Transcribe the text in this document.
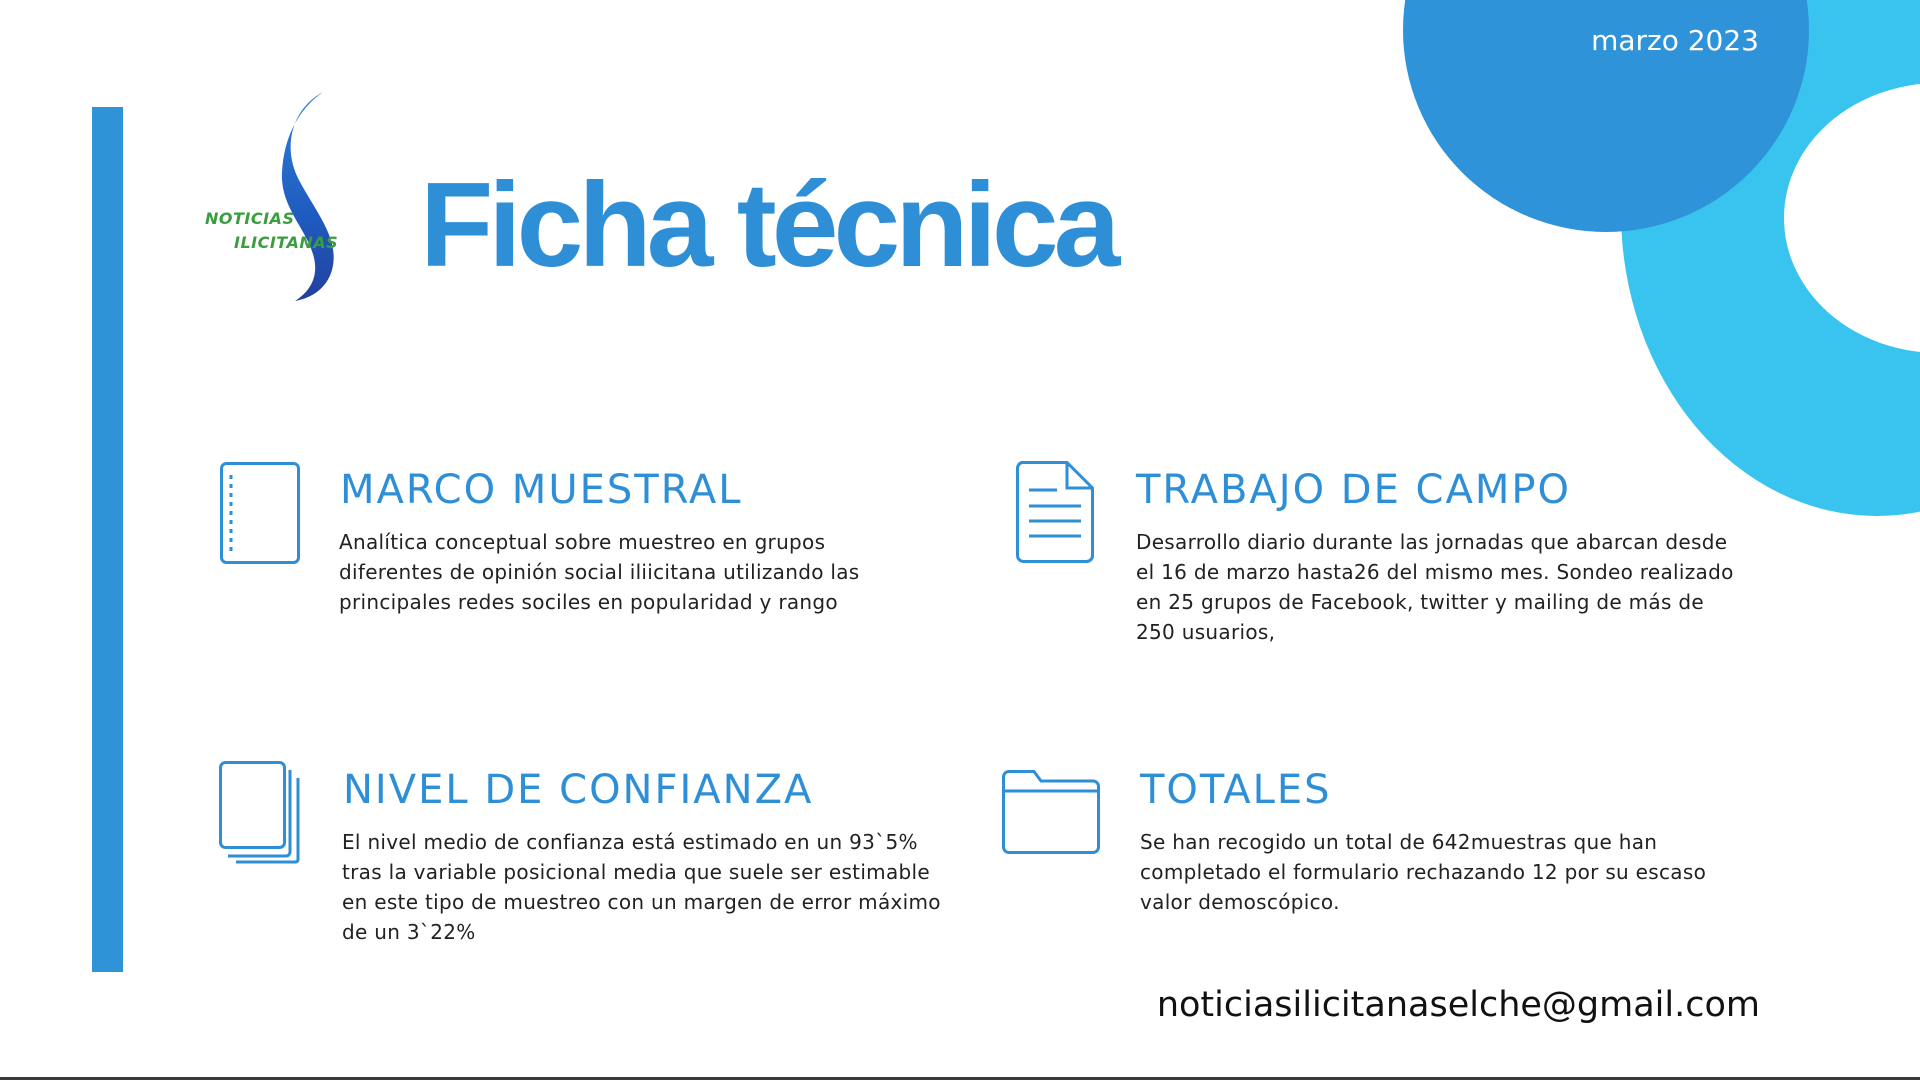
marzo 2023
NOTICIAS
ILICITANAS Ficha técnica
MARCO MUESTRAL
Analítica conceptual sobre muestreo en grupos diferentes de opinión social iliicitana utilizando las principales redes sociles en popularidad y rango
TRABAJO DE CAMPO
Desarrollo diario durante las jornadas que abarcan desde el 16 de marzo hasta26 del mismo mes. Sondeo realizado en 25 grupos de Facebook, twitter y mailing de más de 250 usuarios,
NIVEL DE CONFIANZA
El nivel medio de confianza está estimado en un 93`5% tras la variable posicional media que suele ser estimable en este tipo de muestreo con un margen de error máximo de un 3`22%
TOTALES
Se han recogido un total de 642muestras que han completado el formulario rechazando 12 por su escaso valor demoscópico.
noticiasilicitanaselche@gmail.com
